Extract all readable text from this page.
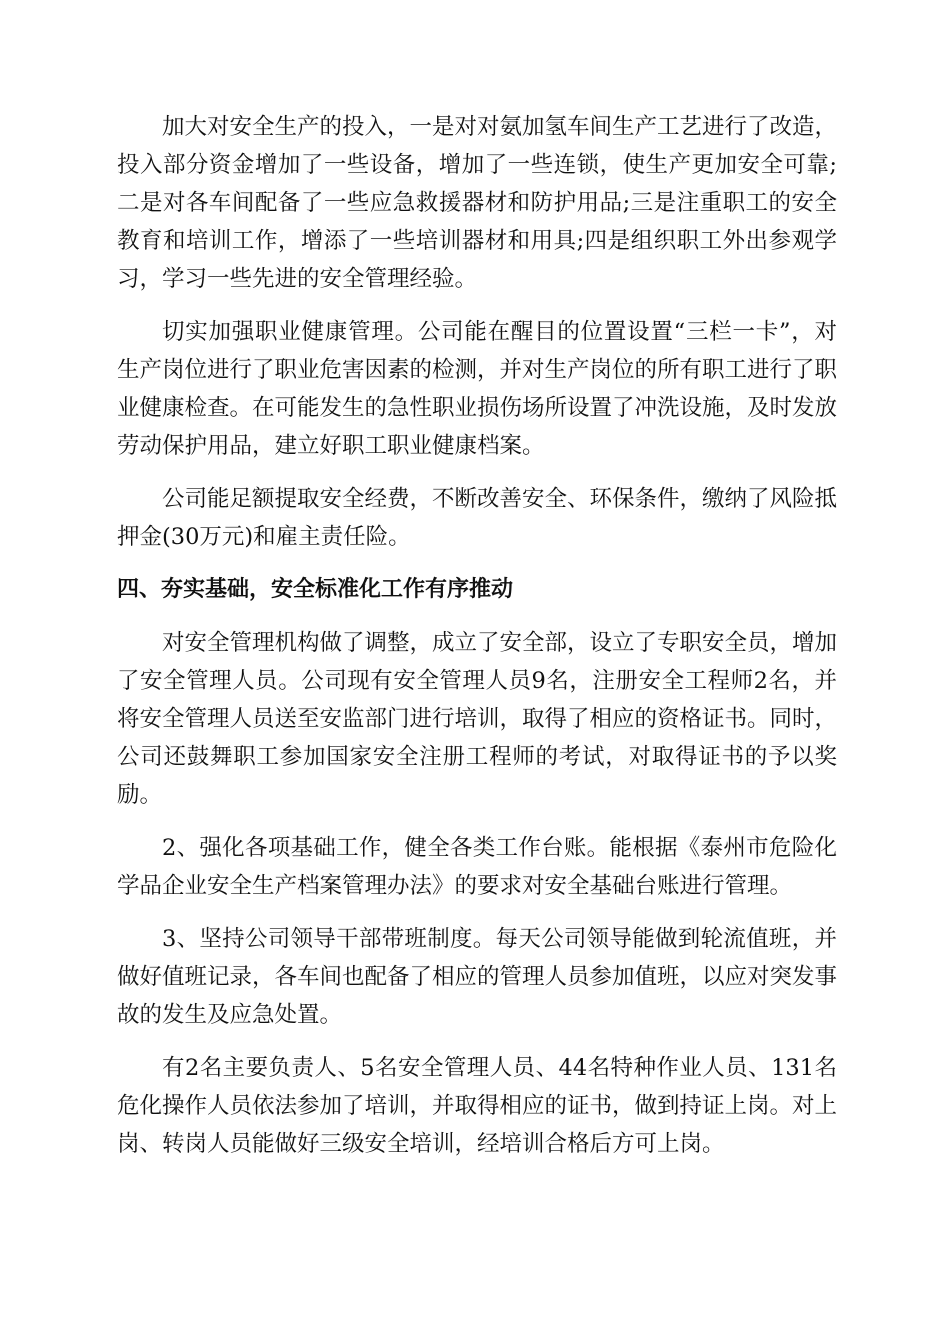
加大对安全生产的投入，一是对对氨加氢车间生产工艺进行了改造，投入部分资金增加了一些设备，增加了一些连锁，使生产更加安全可靠;二是对各车间配备了一些应急救援器材和防护用品;三是注重职工的安全教育和培训工作，增添了一些培训器材和用具;四是组织职工外出参观学习，学习一些先进的安全管理经验。

切实加强职业健康管理。公司能在醒目的位置设置“三栏一卡”，对生产岗位进行了职业危害因素的检测，并对生产岗位的所有职工进行了职业健康检查。在可能发生的急性职业损伤场所设置了冲洗设施，及时发放劳动保护用品，建立好职工职业健康档案。

公司能足额提取安全经费，不断改善安全、环保条件，缴纳了风险抵押金(30万元)和雇主责任险。

四、夯实基础，安全标准化工作有序推动

对安全管理机构做了调整，成立了安全部，设立了专职安全员，增加了安全管理人员。公司现有安全管理人员9名，注册安全工程师2名，并将安全管理人员送至安监部门进行培训，取得了相应的资格证书。同时，公司还鼓舞职工参加国家安全注册工程师的考试，对取得证书的予以奖励。

2、强化各项基础工作，健全各类工作台账。能根据《泰州市危险化学品企业安全生产档案管理办法》的要求对安全基础台账进行管理。

3、坚持公司领导干部带班制度。每天公司领导能做到轮流值班，并做好值班记录，各车间也配备了相应的管理人员参加值班，以应对突发事故的发生及应急处置。

有2名主要负责人、5名安全管理人员、44名特种作业人员、131名危化操作人员依法参加了培训，并取得相应的证书，做到持证上岗。对上岗、转岗人员能做好三级安全培训，经培训合格后方可上岗。
